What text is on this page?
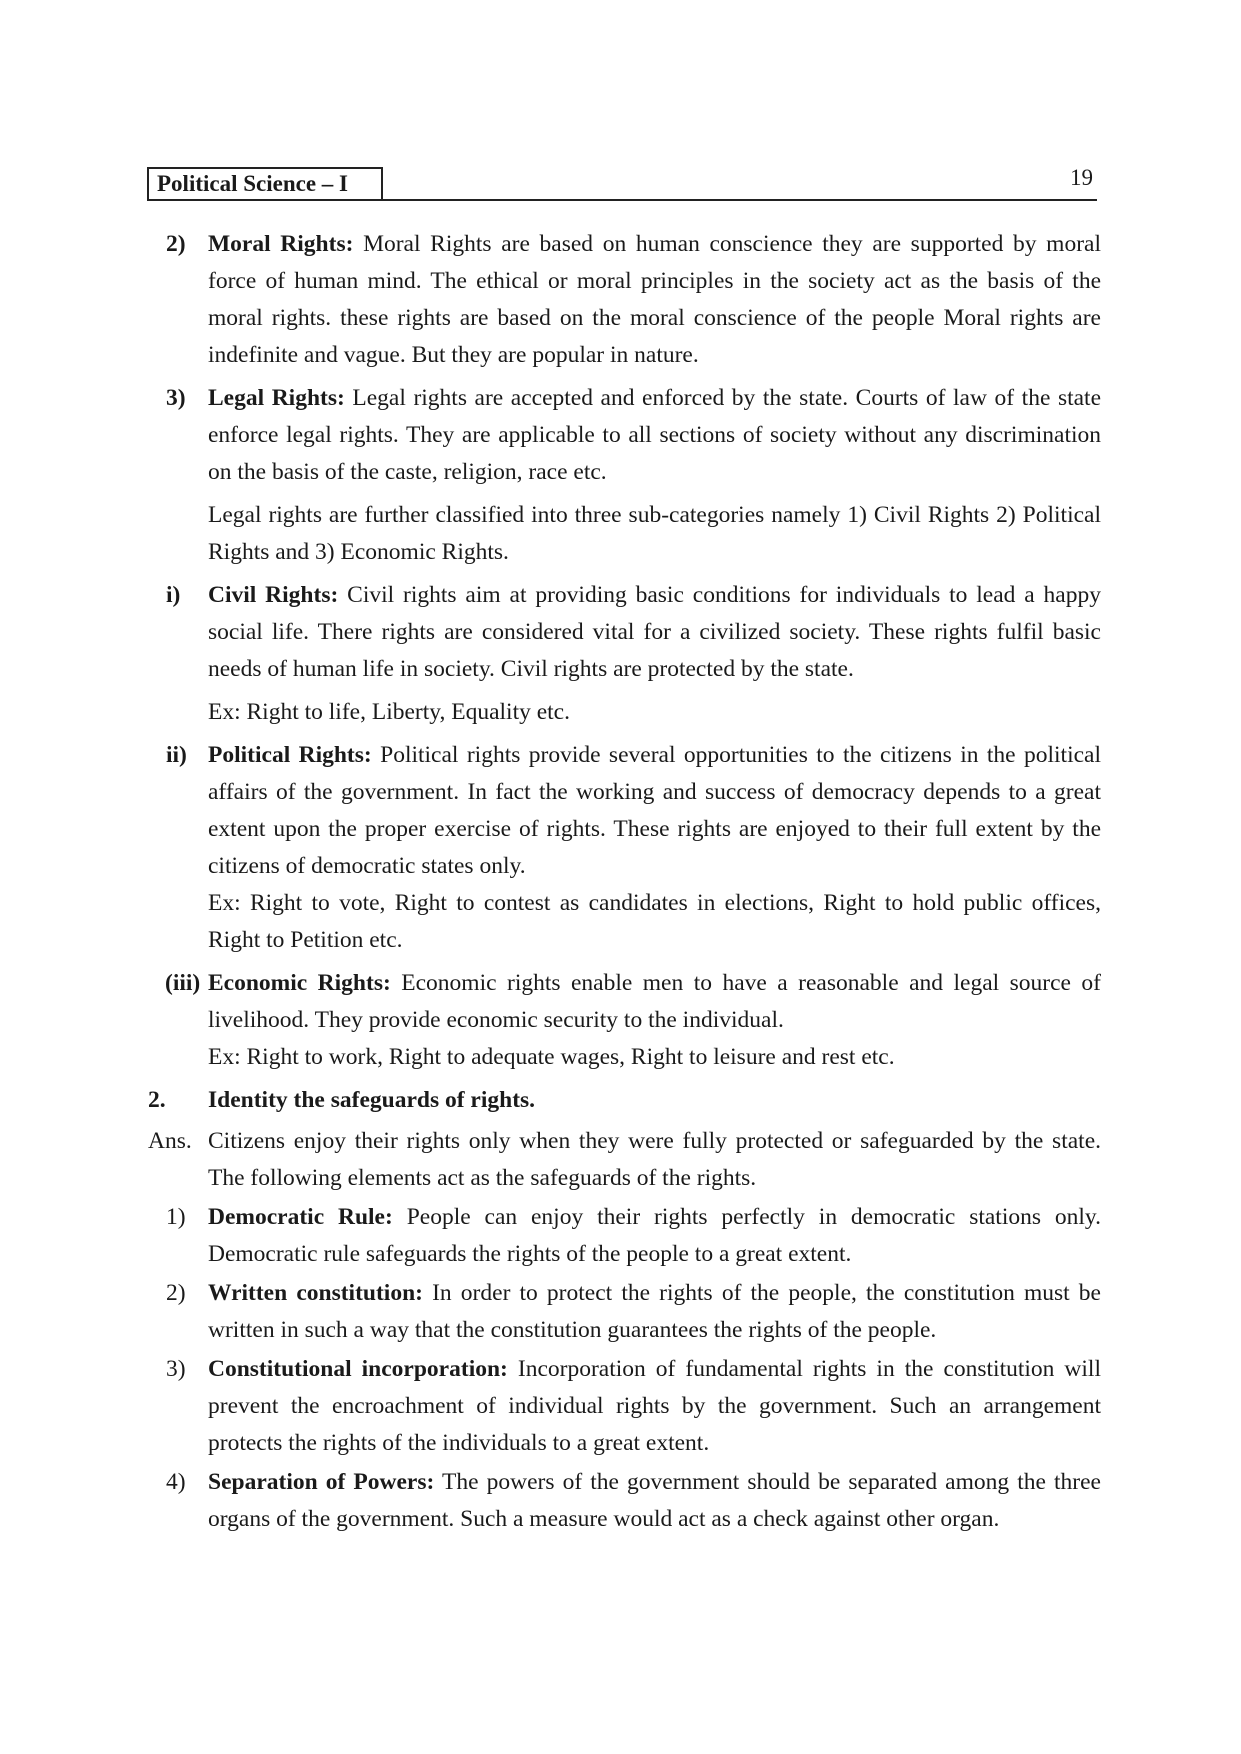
Political Science – I	19
2) Moral Rights: Moral Rights are based on human conscience they are supported by moral force of human mind. The ethical or moral principles in the society act as the basis of the moral rights. these rights are based on the moral conscience of the people Moral rights are indefinite and vague. But they are popular in nature.
3) Legal Rights: Legal rights are accepted and enforced by the state. Courts of law of the state enforce legal rights. They are applicable to all sections of society without any discrimination on the basis of the caste, religion, race etc.
Legal rights are further classified into three sub-categories namely 1) Civil Rights 2) Political Rights and 3) Economic Rights.
i) Civil Rights: Civil rights aim at providing basic conditions for individuals to lead a happy social life. There rights are considered vital for a civilized society. These rights fulfil basic needs of human life in society. Civil rights are protected by the state.
Ex: Right to life, Liberty, Equality etc.
ii) Political Rights: Political rights provide several opportunities to the citizens in the political affairs of the government. In fact the working and success of democracy depends to a great extent upon the proper exercise of rights. These rights are enjoyed to their full extent by the citizens of democratic states only.
Ex: Right to vote, Right to contest as candidates in elections, Right to hold public offices, Right to Petition etc.
(iii) Economic Rights: Economic rights enable men to have a reasonable and legal source of livelihood. They provide economic security to the individual.
Ex: Right to work, Right to adequate wages, Right to leisure and rest etc.
2. Identity the safeguards of rights.
Ans. Citizens enjoy their rights only when they were fully protected or safeguarded by the state. The following elements act as the safeguards of the rights.
1) Democratic Rule: People can enjoy their rights perfectly in democratic stations only. Democratic rule safeguards the rights of the people to a great extent.
2) Written constitution: In order to protect the rights of the people, the constitution must be written in such a way that the constitution guarantees the rights of the people.
3) Constitutional incorporation: Incorporation of fundamental rights in the constitution will prevent the encroachment of individual rights by the government. Such an arrangement protects the rights of the individuals to a great extent.
4) Separation of Powers: The powers of the government should be separated among the three organs of the government. Such a measure would act as a check against other organ.
